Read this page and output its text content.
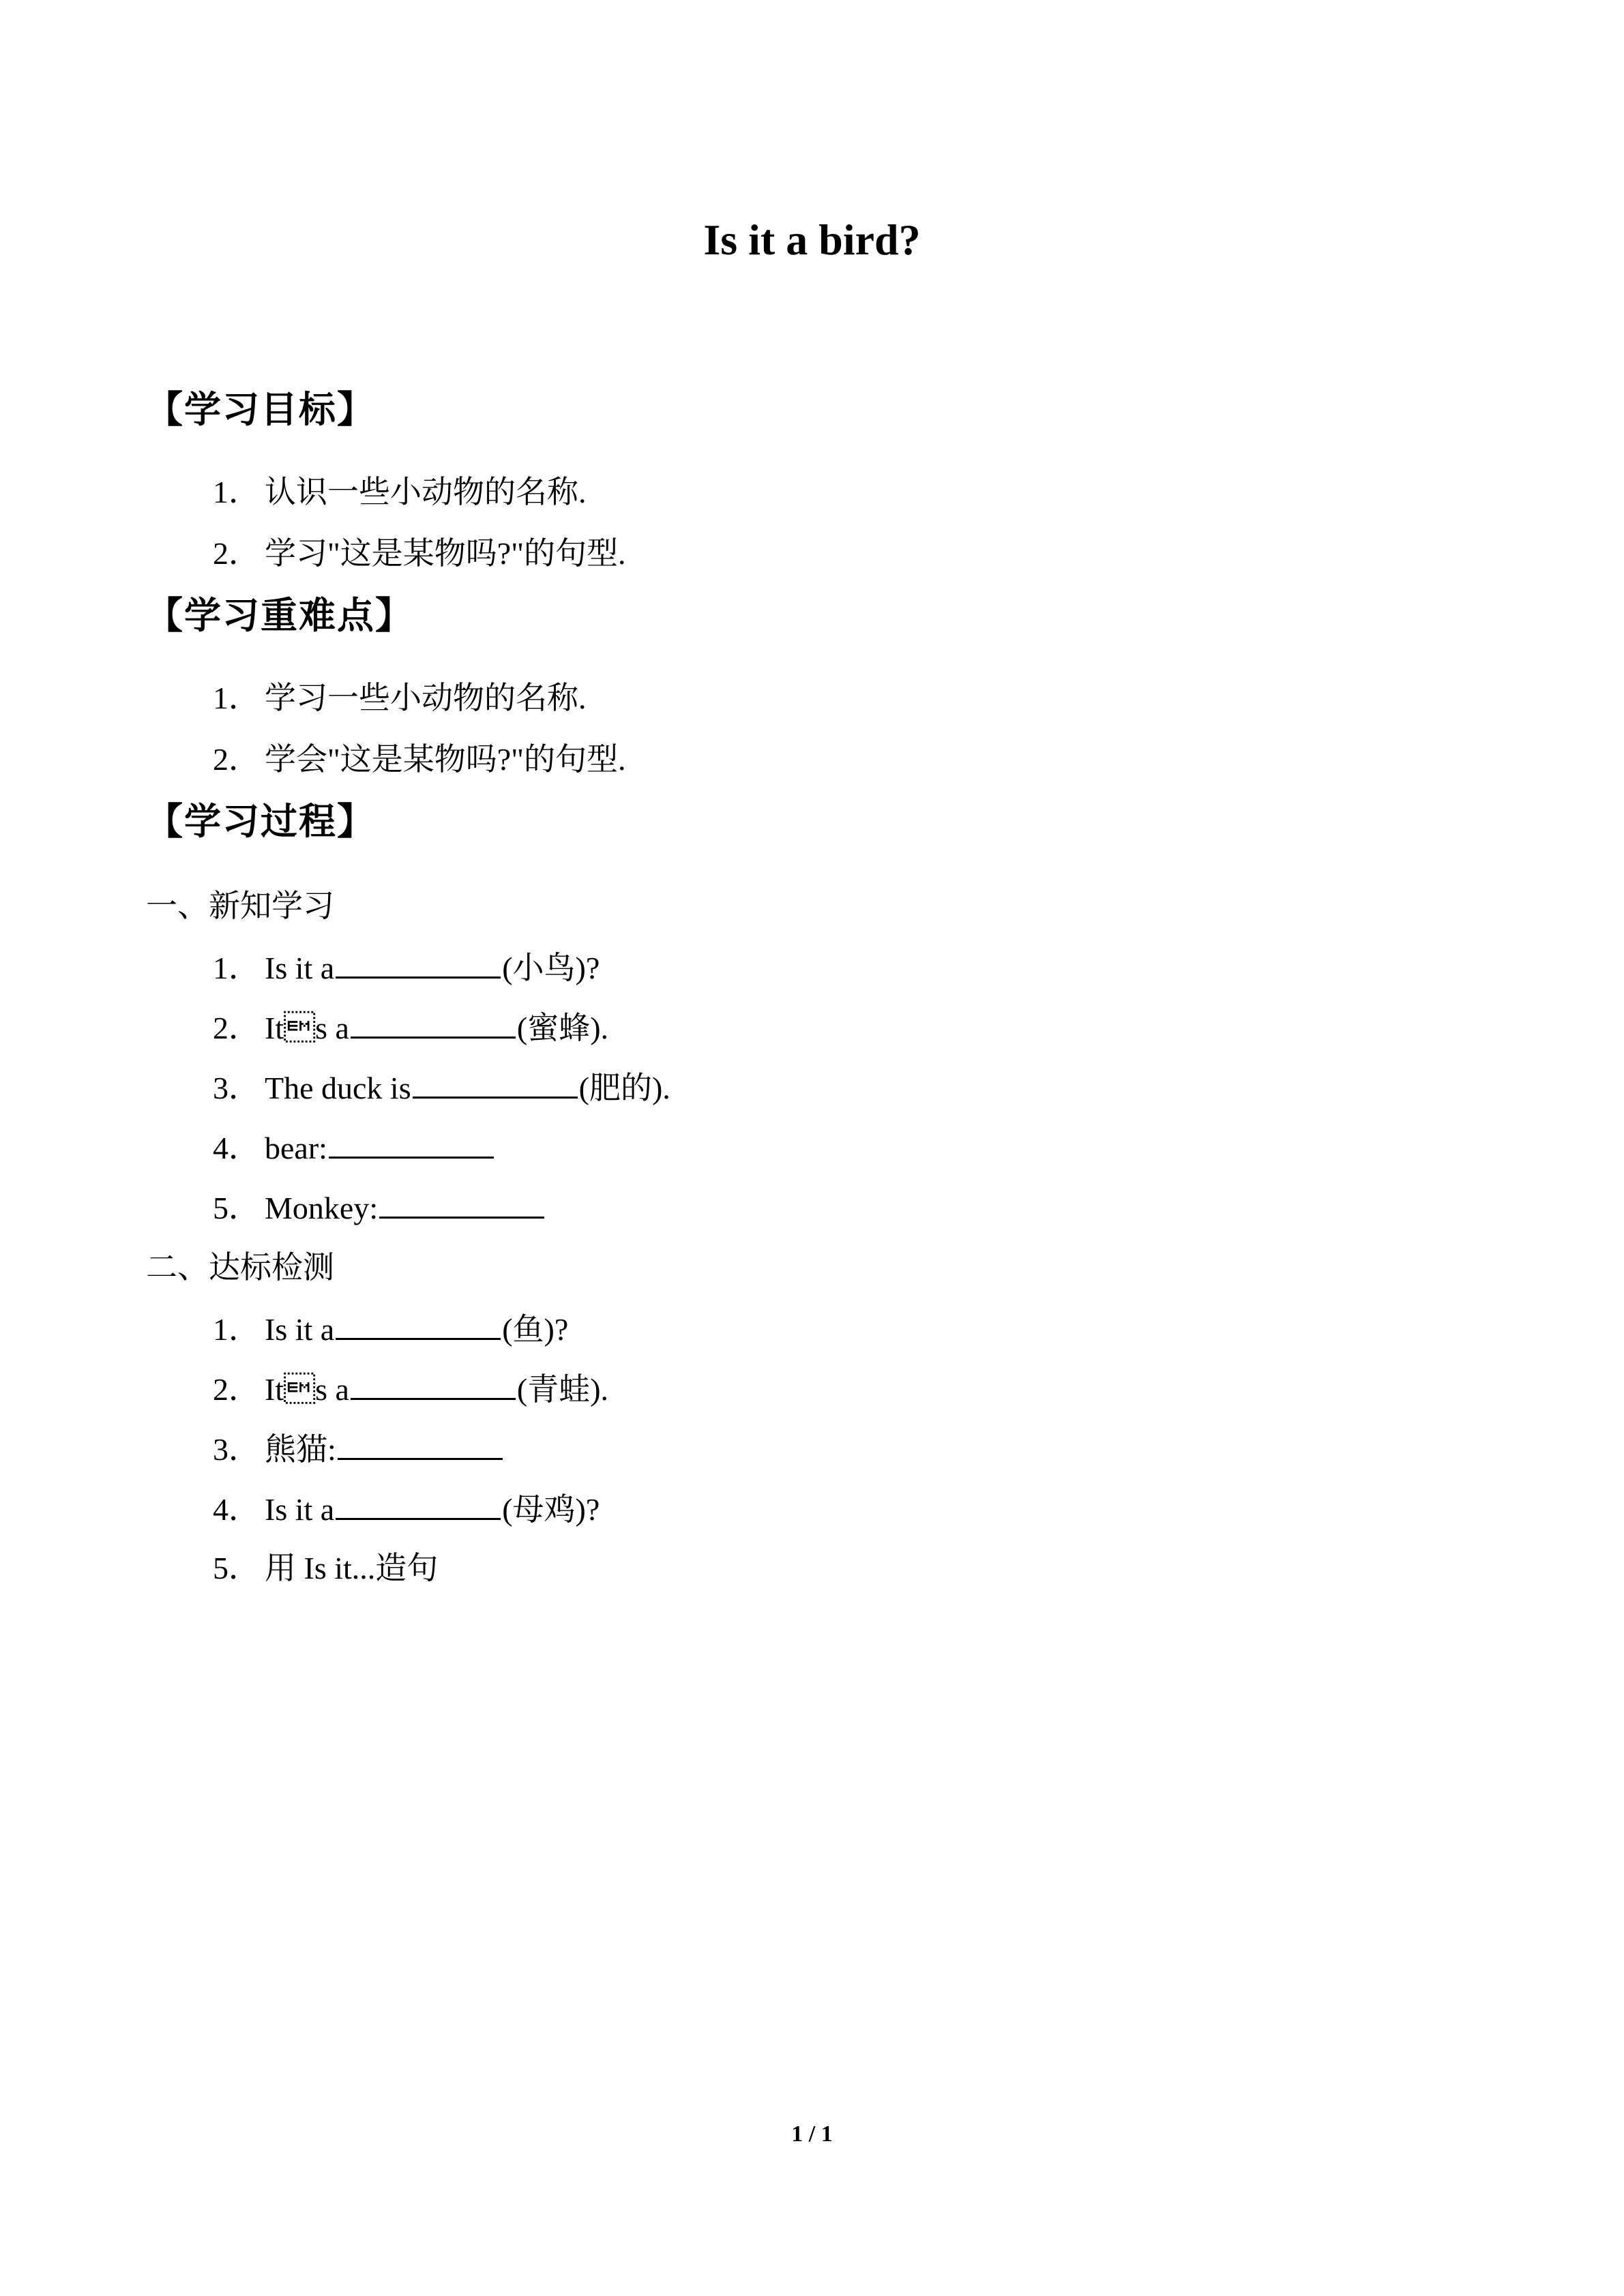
Is it a bird?
【学习目标】
1． 认识一些小动物的名称.
2． 学习"这是某物吗?"的句型.
【学习重难点】
1． 学习一些小动物的名称.
2． 学会"这是某物吗?"的句型.
【学习过程】
一、新知学习
1． Is it a	(小鸟)?
2． Its a	(蜜蜂).
3． The duck is	(肥的).
4． bear:
5． Monkey:
二、达标检测
1． Is it a	(鱼)?
2． Its a	(青蛙).
3． 熊猫:
4． Is it a	(母鸡)?
5． 用 Is it...造句
1 / 1
